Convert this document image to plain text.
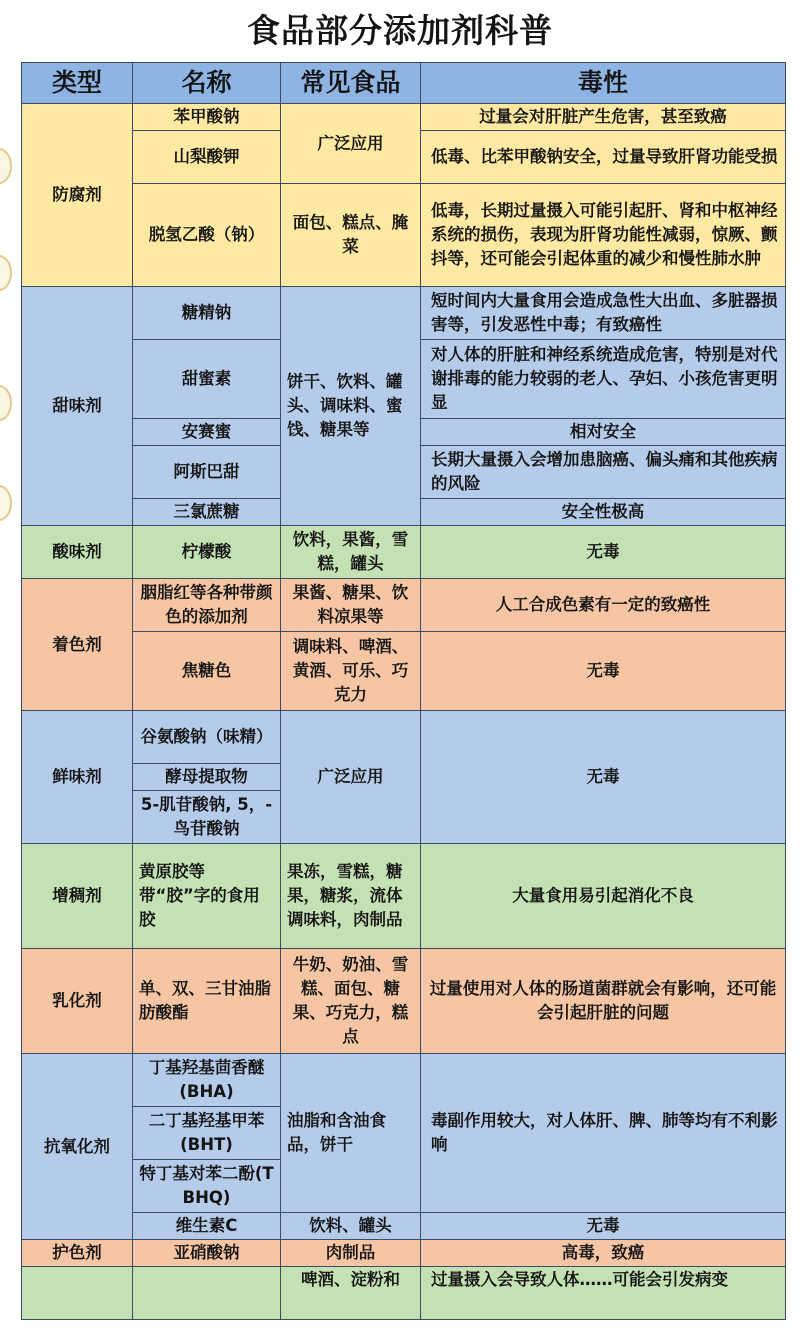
食品部分添加剂科普
类型	名称	常见食品	毒性
防腐剂	苯甲酸钠	广泛应用	过量会对肝脏产生危害，甚至致癌
	山梨酸钾		低毒、比苯甲酸钠安全，过量导致肝肾功能受损
	脱氢乙酸（钠）	面包、糕点、腌菜	低毒，长期过量摄入可能引起肝、肾和中枢神经系统的损伤，表现为肝肾功能性减弱，惊厥、颤抖等，还可能会引起体重的减少和慢性肺水肿
甜味剂	糖精钠	饼干、饮料、罐头、调味料、蜜饯、糖果等	短时间内大量食用会造成急性大出血、多脏器损害等，引发恶性中毒；有致癌性
	甜蜜素		对人体的肝脏和神经系统造成危害，特别是对代谢排毒的能力较弱的老人、孕妇、小孩危害更明显
	安赛蜜		相对安全
	阿斯巴甜		长期大量摄入会增加患脑癌、偏头痛和其他疾病的风险
	三氯蔗糖		安全性极高
酸味剂	柠檬酸	饮料，果酱，雪糕，罐头	无毒
着色剂	胭脂红等各种带颜色的添加剂	果酱、糖果、饮料凉果等	人工合成色素有一定的致癌性
	焦糖色	调味料、啤酒、黄酒、可乐、巧克力	无毒
鲜味剂	谷氨酸钠（味精）	广泛应用	无毒
	酵母提取物		
	5-肌苷酸钠, 5，-鸟苷酸钠		
增稠剂	黄原胶等带“胶”字的食用胶	果冻，雪糕，糖果，糖浆，流体调味料，肉制品	大量食用易引起消化不良
乳化剂	单、双、三甘油脂肪酸酯	牛奶、奶油、雪糕、面包、糖果、巧克力，糕点	过量使用对人体的肠道菌群就会有影响，还可能会引起肝脏的问题
抗氧化剂	丁基羟基茴香醚(BHA)	油脂和含油食品，饼干	毒副作用较大，对人体肝、脾、肺等均有不利影响
	二丁基羟基甲苯(BHT)		
	特丁基对苯二酚(TBHQ)		
	维生素C	饮料、罐头	无毒
护色剂	亚硝酸钠	肉制品	高毒，致癌
		啤酒、淀粉和	过量摄入会导致人体……可能会引发病变
